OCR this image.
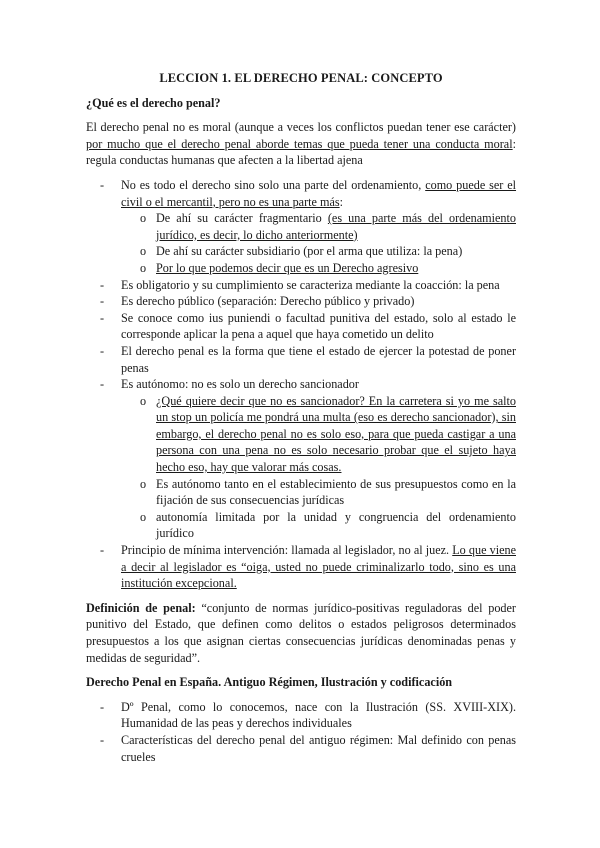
LECCION 1. EL DERECHO PENAL: CONCEPTO
¿Qué es el derecho penal?
El derecho penal no es moral (aunque a veces los conflictos puedan tener ese carácter) por mucho que el derecho penal aborde temas que pueda tener una conducta moral: regula conductas humanas que afecten a la libertad ajena
- No es todo el derecho sino solo una parte del ordenamiento, como puede ser el civil o el mercantil, pero no es una parte más:
o De ahí su carácter fragmentario (es una parte más del ordenamiento jurídico, es decir, lo dicho anteriormente)
o De ahí su carácter subsidiario (por el arma que utiliza: la pena)
o Por lo que podemos decir que es un Derecho agresivo
- Es obligatorio y su cumplimiento se caracteriza mediante la coacción: la pena
- Es derecho público (separación: Derecho público y privado)
- Se conoce como ius puniendi o facultad punitiva del estado, solo al estado le corresponde aplicar la pena a aquel que haya cometido un delito
- El derecho penal es la forma que tiene el estado de ejercer la potestad de poner penas
- Es autónomo: no es solo un derecho sancionador
o ¿Qué quiere decir que no es sancionador? En la carretera si yo me salto un stop un policía me pondrá una multa (eso es derecho sancionador), sin embargo, el derecho penal no es solo eso, para que pueda castigar a una persona con una pena no es solo necesario probar que el sujeto haya hecho eso, hay que valorar más cosas.
o Es autónomo tanto en el establecimiento de sus presupuestos como en la fijación de sus consecuencias jurídicas
o autonomía limitada por la unidad y congruencia del ordenamiento jurídico
- Principio de mínima intervención: llamada al legislador, no al juez. Lo que viene a decir al legislador es “oiga, usted no puede criminalizarlo todo, sino es una institución excepcional.
Definición de penal: “conjunto de normas jurídico-positivas reguladoras del poder punitivo del Estado, que definen como delitos o estados peligrosos determinados presupuestos a los que asignan ciertas consecuencias jurídicas denominadas penas y medidas de seguridad”.
Derecho Penal en España. Antiguo Régimen, Ilustración y codificación
- Dº Penal, como lo conocemos, nace con la Ilustración (SS. XVIII-XIX). Humanidad de las peas y derechos individuales
- Características del derecho penal del antiguo régimen: Mal definido con penas crueles
